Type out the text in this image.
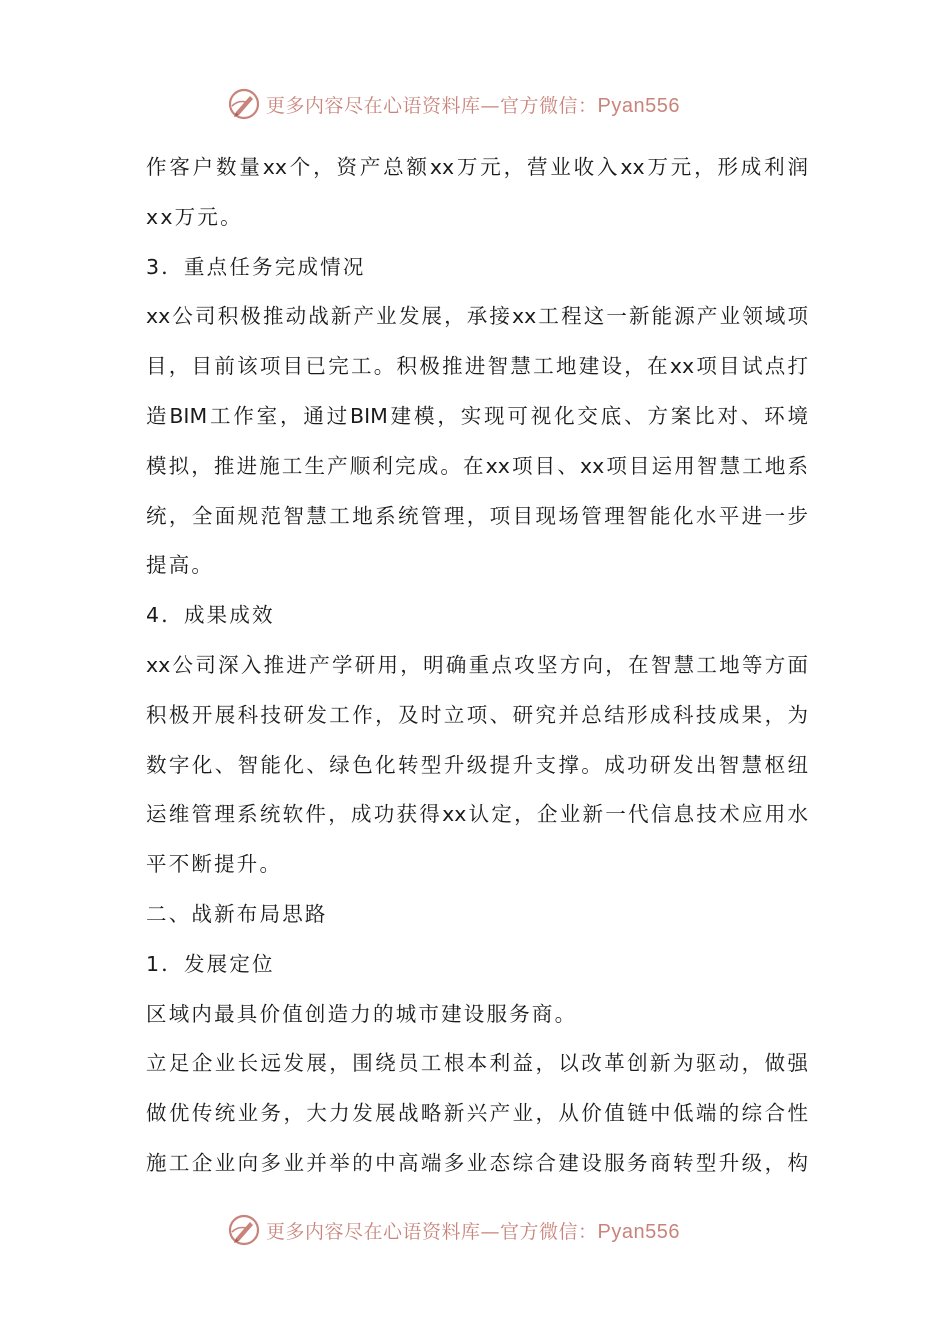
更多内容尽在心语资料库—官方微信：Pyan556
作客户数量xx个，资产总额xx万元，营业收入xx万元，形成利润
xx万元。
3．重点任务完成情况
xx公司积极推动战新产业发展，承接xx工程这一新能源产业领域项
目，目前该项目已完工。积极推进智慧工地建设，在xx项目试点打
造BIM工作室，通过BIM建模，实现可视化交底、方案比对、环境
模拟，推进施工生产顺利完成。在xx项目、xx项目运用智慧工地系
统，全面规范智慧工地系统管理，项目现场管理智能化水平进一步
提高。
4．成果成效
xx公司深入推进产学研用，明确重点攻坚方向，在智慧工地等方面
积极开展科技研发工作，及时立项、研究并总结形成科技成果，为
数字化、智能化、绿色化转型升级提升支撑。成功研发出智慧枢纽
运维管理系统软件，成功获得xx认定，企业新一代信息技术应用水
平不断提升。
二、战新布局思路
1．发展定位
区域内最具价值创造力的城市建设服务商。
立足企业长远发展，围绕员工根本利益，以改革创新为驱动，做强
做优传统业务，大力发展战略新兴产业，从价值链中低端的综合性
施工企业向多业并举的中高端多业态综合建设服务商转型升级，构
更多内容尽在心语资料库—官方微信：Pyan556
